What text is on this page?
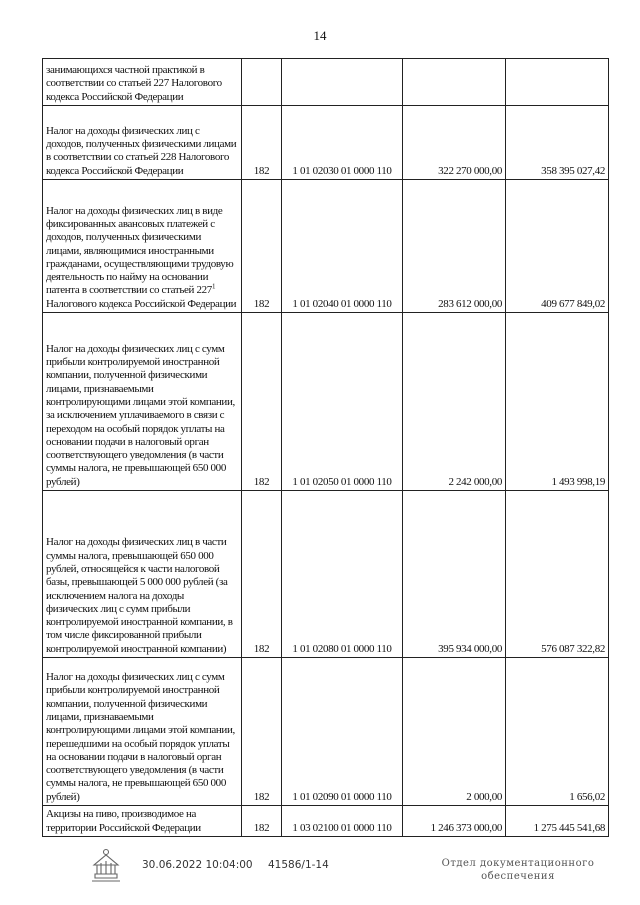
14
занимающихся частной практикой в соответствии со статьей 227 Налогового кодекса Российской Федерации				
Налог на доходы физических лиц с доходов, полученных физическими лицами в соответствии со статьей 228 Налогового кодекса Российской Федерации	182	1 01 02030 01 0000 110	322 270 000,00	358 395 027,42
Налог на доходы физических лиц в виде фиксированных авансовых платежей с доходов, полученных физическими лицами, являющимися иностранными гражданами, осуществляющими трудовую деятельность по найму на основании патента в соответствии со статьей $227^1$ Налогового кодекса Российской Федерации	182	1 01 02040 01 0000 110	283 612 000,00	409 677 849,02
Налог на доходы физических лиц с сумм прибыли контролируемой иностранной компании, полученной физическими лицами, признаваемыми контролирующими лицами этой компании, за исключением уплачиваемого в связи с переходом на особый порядок уплаты на основании подачи в налоговый орган соответствующего уведомления (в части суммы налога, не превышающей 650 000 рублей)	182	1 01 02050 01 0000 110	2 242 000,00	1 493 998,19
Налог на доходы физических лиц в части суммы налога, превышающей 650 000 рублей, относящейся к части налоговой базы, превышающей 5 000 000 рублей (за исключением налога на доходы физических лиц с сумм прибыли контролируемой иностранной компании, в том числе фиксированной прибыли контролируемой иностранной компании)	182	1 01 02080 01 0000 110	395 934 000,00	576 087 322,82
Налог на доходы физических лиц с сумм прибыли контролируемой иностранной компании, полученной физическими лицами, признаваемыми контролирующими лицами этой компании, перешедшими на особый порядок уплаты на основании подачи в налоговый орган соответствующего уведомления (в части суммы налога, не превышающей 650 000 рублей)	182	1 01 02090 01 0000 110	2 000,00	1 656,02
Акцизы на пиво, производимое на территории Российской Федерации	182	1 03 02100 01 0000 110	1 246 373 000,00	1 275 445 541,68
30.06.2022 10:04:00 41586/1-14	Отдел документационного
обеспечения
